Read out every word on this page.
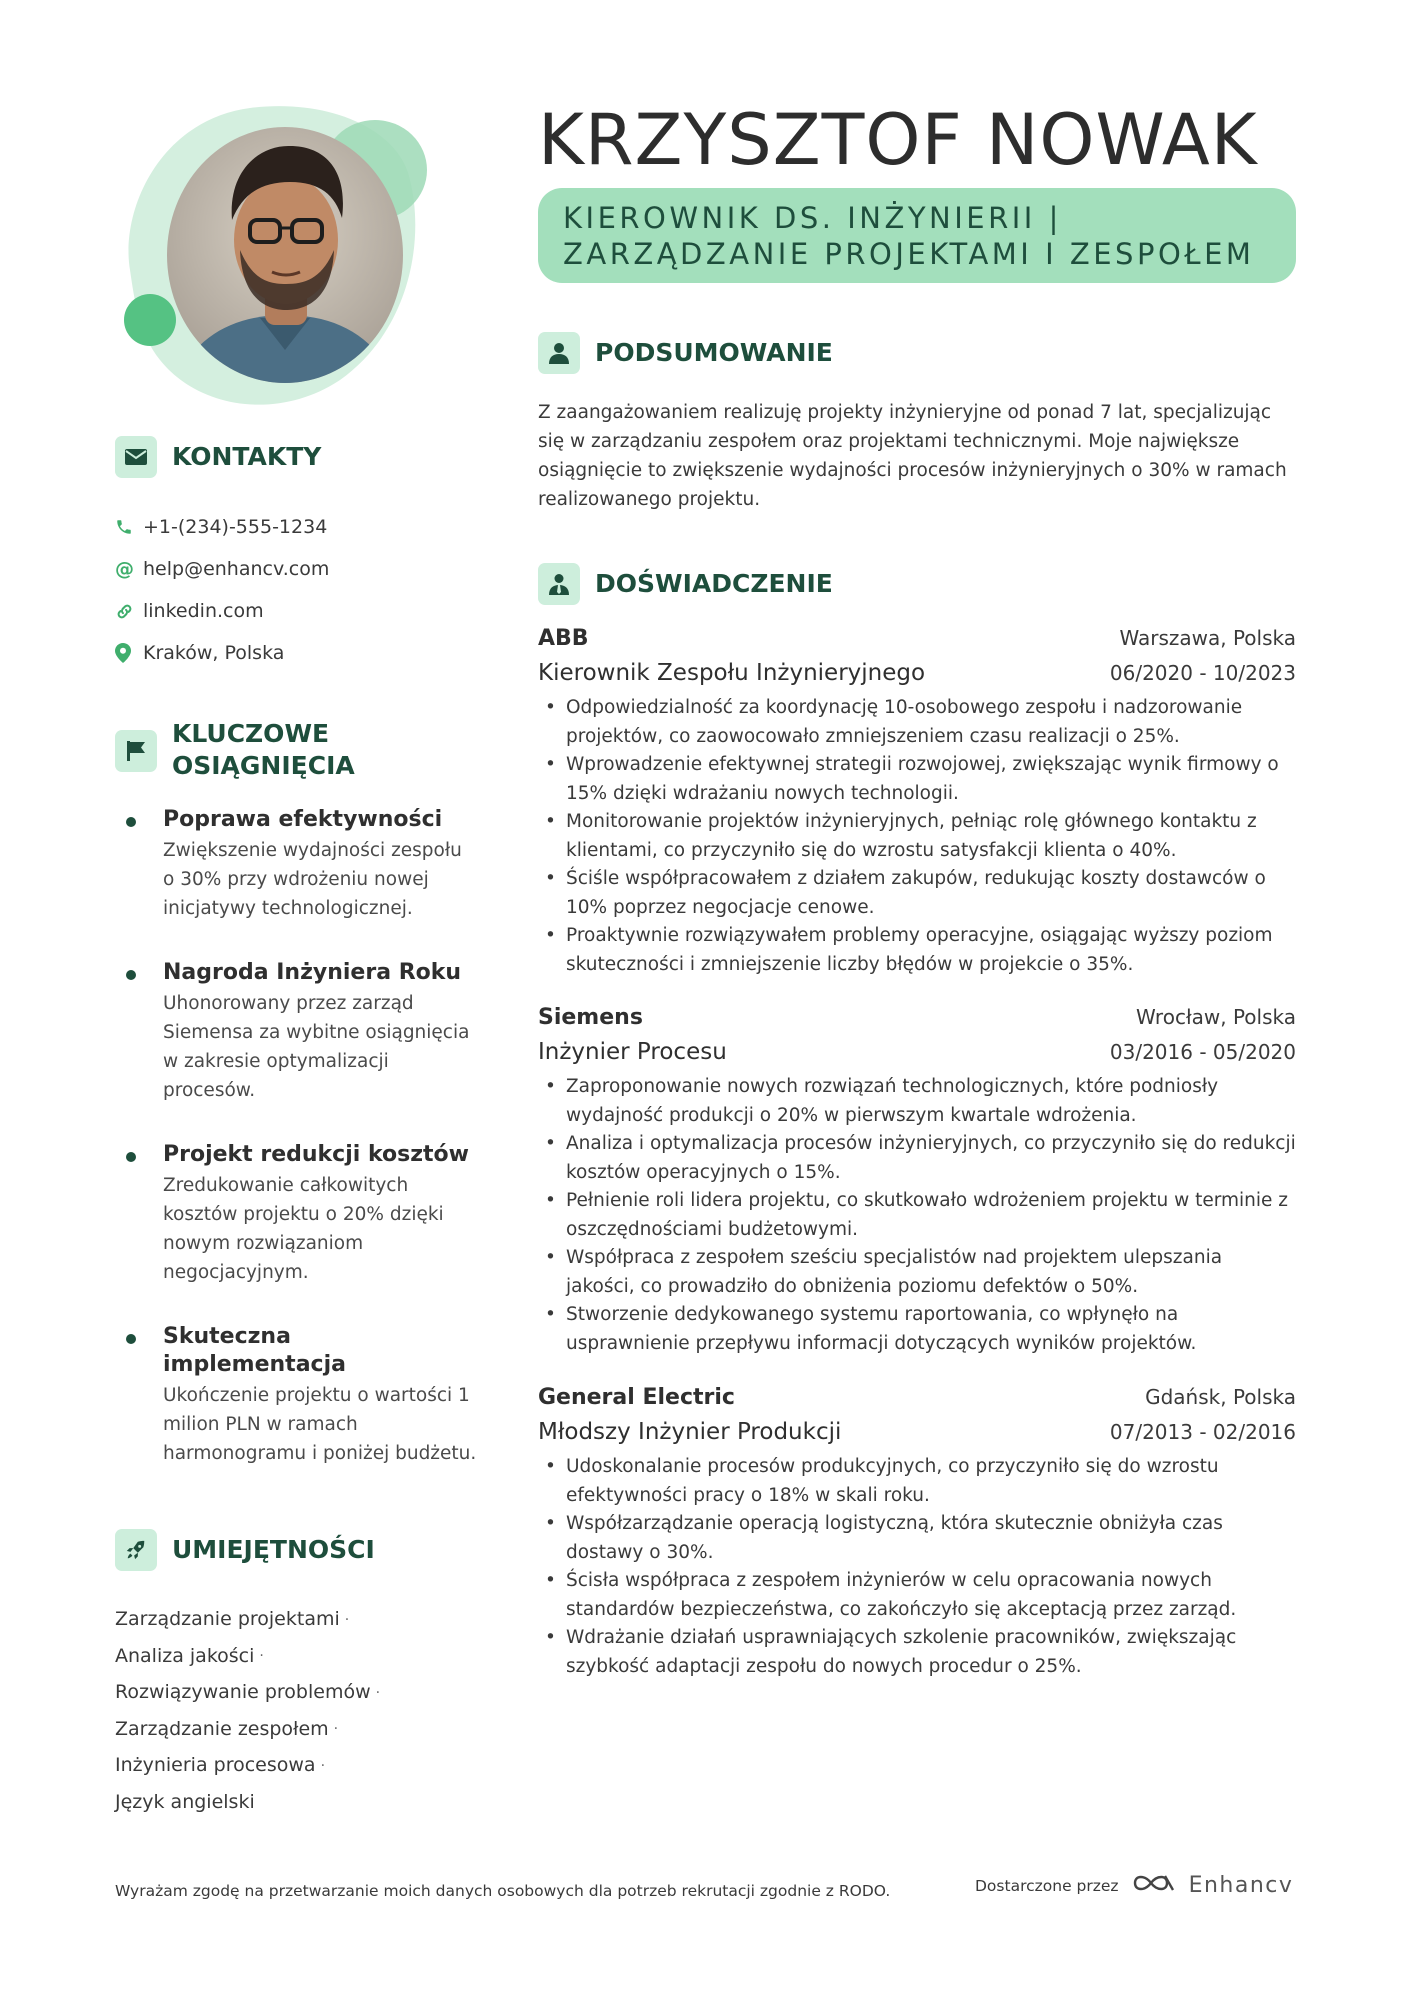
KONTAKTY
+1-(234)-555-1234
@ help@enhancv.com
linkedin.com
Kraków, Polska
KLUCZOWE OSIĄGNIĘCIA
Poprawa efektywności
Zwiększenie wydajności zespołu o 30% przy wdrożeniu nowej inicjatywy technologicznej.
Nagroda Inżyniera Roku
Uhonorowany przez zarząd Siemensa za wybitne osiągnięcia w zakresie optymalizacji procesów.
Projekt redukcji kosztów
Zredukowanie całkowitych kosztów projektu o 20% dzięki nowym rozwiązaniom negocjacyjnym.
Skuteczna implementacja
Ukończenie projektu o wartości 1 milion PLN w ramach harmonogramu i poniżej budżetu.
UMIEJĘTNOŚCI
Zarządzanie projektami ·
Analiza jakości ·
Rozwiązywanie problemów ·
Zarządzanie zespołem ·
Inżynieria procesowa ·
Język angielski
KRZYSZTOF NOWAK
KIEROWNIK DS. INŻYNIERII | ZARZĄDZANIE PROJEKTAMI I ZESPOŁEM
PODSUMOWANIE
Z zaangażowaniem realizuję projekty inżynieryjne od ponad 7 lat, specjalizując się w zarządzaniu zespołem oraz projektami technicznymi. Moje największe osiągnięcie to zwiększenie wydajności procesów inżynieryjnych o 30% w ramach realizowanego projektu.
DOŚWIADCZENIE
ABB	Warszawa, Polska
Kierownik Zespołu Inżynieryjnego	06/2020 - 10/2023
• Odpowiedzialność za koordynację 10-osobowego zespołu i nadzorowanie projektów, co zaowocowało zmniejszeniem czasu realizacji o 25%.
• Wprowadzenie efektywnej strategii rozwojowej, zwiększając wynik firmowy o 15% dzięki wdrażaniu nowych technologii.
• Monitorowanie projektów inżynieryjnych, pełniąc rolę głównego kontaktu z klientami, co przyczyniło się do wzrostu satysfakcji klienta o 40%.
• Ściśle współpracowałem z działem zakupów, redukując koszty dostawców o 10% poprzez negocjacje cenowe.
• Proaktywnie rozwiązywałem problemy operacyjne, osiągając wyższy poziom skuteczności i zmniejszenie liczby błędów w projekcie o 35%.
Siemens	Wrocław, Polska
Inżynier Procesu	03/2016 - 05/2020
• Zaproponowanie nowych rozwiązań technologicznych, które podniosły wydajność produkcji o 20% w pierwszym kwartale wdrożenia.
• Analiza i optymalizacja procesów inżynieryjnych, co przyczyniło się do redukcji kosztów operacyjnych o 15%.
• Pełnienie roli lidera projektu, co skutkowało wdrożeniem projektu w terminie z oszczędnościami budżetowymi.
• Współpraca z zespołem sześciu specjalistów nad projektem ulepszania jakości, co prowadziło do obniżenia poziomu defektów o 50%.
• Stworzenie dedykowanego systemu raportowania, co wpłynęło na usprawnienie przepływu informacji dotyczących wyników projektów.
General Electric	Gdańsk, Polska
Młodszy Inżynier Produkcji	07/2013 - 02/2016
• Udoskonalanie procesów produkcyjnych, co przyczyniło się do wzrostu efektywności pracy o 18% w skali roku.
• Współzarządzanie operacją logistyczną, która skutecznie obniżyła czas dostawy o 30%.
• Ścisła współpraca z zespołem inżynierów w celu opracowania nowych standardów bezpieczeństwa, co zakończyło się akceptacją przez zarząd.
• Wdrażanie działań usprawniających szkolenie pracowników, zwiększając szybkość adaptacji zespołu do nowych procedur o 25%.
Wyrażam zgodę na przetwarzanie moich danych osobowych dla potrzeb rekrutacji zgodnie z RODO.	Dostarczone przez	Enhancv
